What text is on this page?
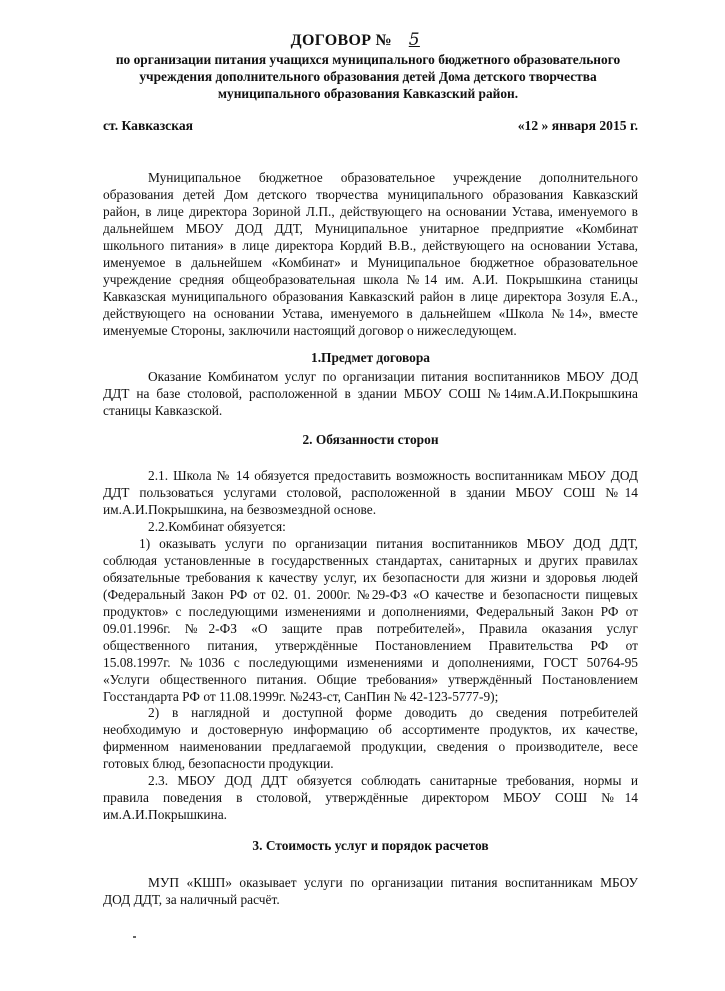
ДОГОВОР № 5
по организации питания учащихся муниципального бюджетного образовательного
учреждения дополнительного образования детей Дома детского творчества
муниципального образования Кавказский район.
ст. Кавказская	«12 » января 2015 г.
Муниципальное бюджетное образовательное учреждение дополнительного
образования детей Дом детского творчества муниципального образования Кавказский
район, в лице директора Зориной Л.П., действующего на основании Устава, именуемого в
дальнейшем МБОУ ДОД ДДТ, Муниципальное унитарное предприятие «Комбинат
школьного питания» в лице директора Кордий В.В., действующего на основании Устава,
именуемое в дальнейшем «Комбинат» и Муниципальное бюджетное образовательное
учреждение средняя общеобразовательная школа №14 им. А.И. Покрышкина станицы
Кавказская муниципального образования Кавказский район в лице директора Зозуля Е.А.,
действующего на основании Устава, именуемого в дальнейшем «Школа №14», вместе
именуемые Стороны, заключили настоящий договор о нижеследующем.
1.Предмет договора
Оказание Комбинатом услуг по организации питания воспитанников МБОУ ДОД
ДДТ на базе столовой, расположенной в здании МБОУ СОШ №14им.А.И.Покрышкина
станицы Кавказской.
2. Обязанности сторон
2.1. Школа № 14 обязуется предоставить возможность воспитанникам МБОУ ДОД
ДДТ пользоваться услугами столовой, расположенной в здании МБОУ СОШ №14
им.А.И.Покрышкина, на безвозмездной основе.
2.2.Комбинат обязуется:
1) оказывать услуги по организации питания воспитанников МБОУ ДОД ДДТ,
соблюдая установленные в государственных стандартах, санитарных и других правилах
обязательные требования к качеству услуг, их безопасности для жизни и здоровья людей
(Федеральный Закон РФ от 02. 01. 2000г. №29-ФЗ «О качестве и безопасности пищевых
продуктов» с последующими изменениями и дополнениями, Федеральный Закон РФ от
09.01.1996г. №2-ФЗ «О защите прав потребителей», Правила оказания услуг
общественного питания, утверждённые Постановлением Правительства РФ от
15.08.1997г. №1036 с последующими изменениями и дополнениями, ГОСТ 50764-95
«Услуги общественного питания. Общие требования» утверждённый Постановлением
Госстандарта РФ от 11.08.1999г. №243-ст, СанПин № 42-123-5777-9);
2) в наглядной и доступной форме доводить до сведения потребителей
необходимую и достоверную информацию об ассортименте продуктов, их качестве,
фирменном наименовании предлагаемой продукции, сведения о производителе, весе
готовых блюд, безопасности продукции.
2.3. МБОУ ДОД ДДТ обязуется соблюдать санитарные требования, нормы и
правила поведения в столовой, утверждённые директором МБОУ СОШ №14
им.А.И.Покрышкина.
3. Стоимость услуг и порядок расчетов
МУП «КШП» оказывает услуги по организации питания воспитанникам МБОУ
ДОД ДДТ, за наличный расчёт.
